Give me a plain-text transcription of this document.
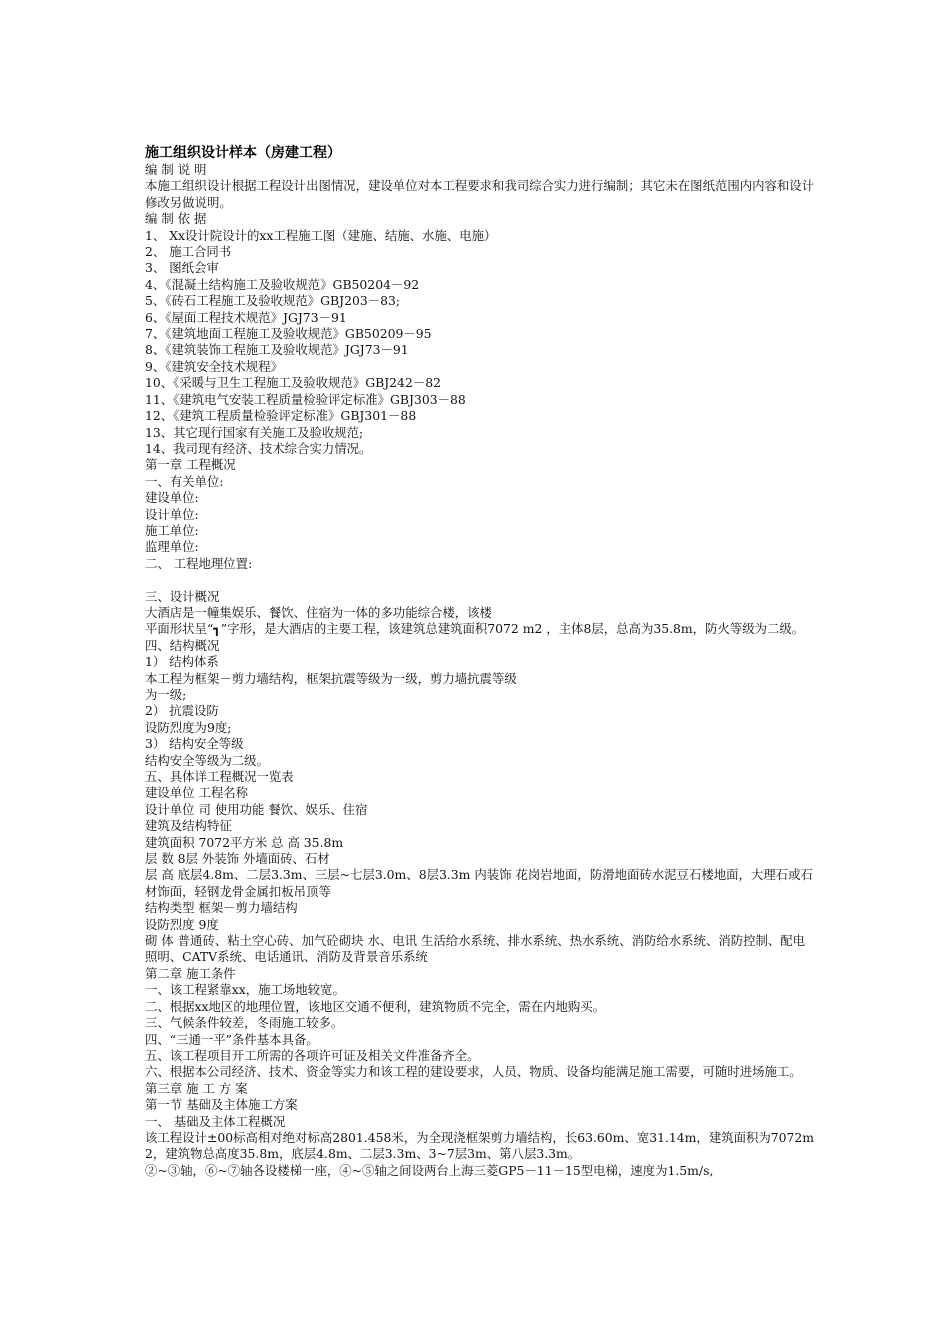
施工组织设计样本（房建工程）
编 制 说 明
本施工组织设计根据工程设计出图情况，建设单位对本工程要求和我司综合实力进行编制；其它未在图纸范围内内容和设计修改另做说明。
编 制 依 据
1、 Xx设计院设计的xx工程施工图（建施、结施、水施、电施）
2、 施工合同书
3、 图纸会审
4、《混凝土结构施工及验收规范》GB50204－92
5、《砖石工程施工及验收规范》GBJ203－83;
6、《屋面工程技术规范》JGJ73－91
7、《建筑地面工程施工及验收规范》GB50209－95
8、《建筑装饰工程施工及验收规范》JGJ73－91
9、《建筑安全技术规程》
10、《采暖与卫生工程施工及验收规范》GBJ242－82
11、《建筑电气安装工程质量检验评定标准》GBJ303－88
12、《建筑工程质量检验评定标准》GBJ301－88
13、其它现行国家有关施工及验收规范;
14、我司现有经济、技术综合实力情况。
第一章 工程概况
一、有关单位:
建设单位:
设计单位:
施工单位:
监理单位:
二、 工程地理位置:
三、设计概况
大酒店是一幢集娱乐、餐饮、住宿为一体的多功能综合楼，该楼
平面形状呈“┓”字形，是大酒店的主要工程，该建筑总建筑面积7072 m2 ，主体8层，总高为35.8m，防火等级为二级。
四、结构概况
1） 结构体系
本工程为框架－剪力墙结构，框架抗震等级为一级，剪力墙抗震等级
为一级;
2） 抗震设防
设防烈度为9度;
3） 结构安全等级
结构安全等级为二级。
五、具体详工程概况一览表
建设单位 工程名称
设计单位 司 使用功能 餐饮、娱乐、住宿
建筑及结构特征
建筑面积 7072平方米 总 高 35.8m
层 数 8层 外装饰 外墙面砖、石材
层 高 底层4.8m、二层3.3m、三层~七层3.0m、8层3.3m 内装饰 花岗岩地面，防滑地面砖水泥豆石楼地面，大理石或石材饰面，轻钢龙骨金属扣板吊顶等
结构类型 框架－剪力墙结构
设防烈度 9度
砌 体 普通砖、粘土空心砖、加气砼砌块 水、电讯 生活给水系统、排水系统、热水系统、消防给水系统、消防控制、配电照明、CATV系统、电话通讯、消防及背景音乐系统
第二章 施工条件
一、该工程紧靠xx，施工场地较宽。
二、根据xx地区的地理位置，该地区交通不便利，建筑物质不完全，需在内地购买。
三、气候条件较差，冬雨施工较多。
四、“三通一平”条件基本具备。
五、该工程项目开工所需的各项许可证及相关文件准备齐全。
六、根据本公司经济、技术、资金等实力和该工程的建设要求，人员、物质、设备均能满足施工需要，可随时进场施工。
第三章 施 工 方 案
第一节 基础及主体施工方案
一、 基础及主体工程概况
该工程设计±00标高相对绝对标高2801.458米，为全现浇框架剪力墙结构，长63.60m、宽31.14m，建筑面积为7072m2，建筑物总高度35.8m，底层4.8m、二层3.3m、3~7层3m、第八层3.3m。
②~③轴，⑥~⑦轴各设楼梯一座，④~⑤轴之间设两台上海三菱GP5－11－15型电梯，速度为1.5m/s,
